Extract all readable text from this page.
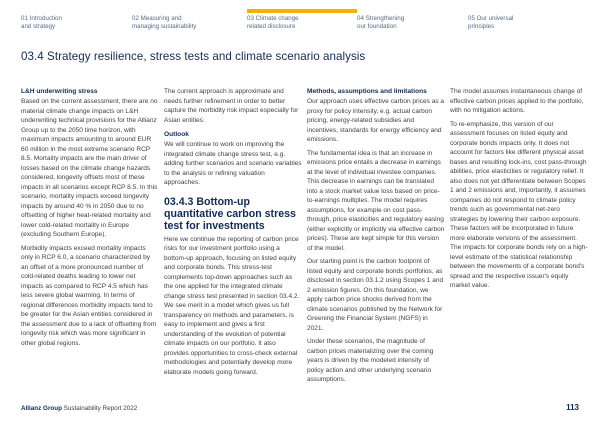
01 Introduction
and strategy
02 Measuring and
managing sustainability
03 Climate change
related disclosure
04 Strengthening
our foundation
05 Our universal
principles
03.4 Strategy resilience, stress tests and climate scenario analysis
L&H underwriting stress

Based on the current assessment, there are no material climate change impacts on L&H underwriting technical provisions for the Allianz Group up to the 2050 time horizon, with maximum impacts amounting to around EUR 60 million in the most extreme scenario RCP 8.5. Mortality impacts are the main driver of losses based on the climate change hazards considered, longevity offsets most of these impacts in all scenarios except RCP 8.5. In this scenario, mortality impacts exceed longevity impacts by around 40 % in 2050 due to no offsetting of higher heat-related mortality and lower cold-related mortality in Europe (excluding Southern Europe).

Morbidity impacts exceed mortality impacts only in RCP 6.0, a scenario characterized by an offset of a more pronounced number of cold-related deaths leading to lower net impacts as compared to RCP 4.5 which has less severe global warming. In terms of regional differences morbidity impacts tend to be greater for the Asian entities considered in the assessment due to a lack of offsetting from longevity risk which was more significant in other global regions.

The current approach is approximate and needs further refinement in order to better capture the morbidity risk impact especially for Asian entities.

Outlook

We will continue to work on improving the integrated climate change stress test, e.g. adding further scenarios and scenario variables to the analysis or refining valuation approaches.

03.4.3 Bottom-up quantitative carbon stress test for investments

Here we continue the reporting of carbon price risks for our investment portfolio using a bottom-up approach, focusing on listed equity and corporate bonds. This stress-test complements top-down approaches such as the one applied for the integrated climate change stress test presented in section 03.4.2. We see merit in a model which gives us full transparency on methods and parameters, is easy to implement and gives a first understanding of the evolution of potential climate impacts on our portfolio. It also provides opportunities to cross-check external methodologies and potentially develop more elaborate models going forward.

Methods, assumptions and limitations

Our approach uses effective carbon prices as a proxy for policy intensity, e.g. actual carbon pricing, energy-related subsidies and incentives, standards for energy efficiency and emissions.

The fundamental idea is that an increase in emissions price entails a decrease in earnings at the level of individual investee companies. This decrease in earnings can be translated into a stock market value loss based on price-to-earnings multiples. The model requires assumptions, for example on cost pass-through, price elasticities and regulatory easing (either explicitly or implicitly via effective carbon prices). These are kept simple for this version of the model.

Our starting point is the carbon footprint of listed equity and corporate bonds portfolios, as disclosed in section 03.1.2 using Scopes 1 and 2 emission figures. On this foundation, we apply carbon price shocks derived from the climate scenarios published by the Network for Greening the Financial System (NGFS) in 2021.

Under these scenarios, the magnitude of carbon prices materializing over the coming years is driven by the modeled intensity of policy action and other underlying scenario assumptions.

The model assumes instantaneous change of effective carbon prices applied to the portfolio, with no mitigation actions.

To re-emphasize, this version of our assessment focuses on listed equity and corporate bonds impacts only. It does not account for factors like different physical asset bases and resulting lock-ins, cost pass-through abilities, price elasticities or regulatory relief. It also does not yet differentiate between Scopes 1 and 2 emissions and, importantly, it assumes companies do not respond to climate policy trends such as governmental net-zero strategies by lowering their carbon exposure. These factors will be incorporated in future more elaborate versions of the assessment. The impacts for corporate bonds rely on a high-level estimate of the statistical relationship between the movements of a corporate bond's spread and the respective issuer's equity market value.

Allianz Group Sustainability Report 2022	113
